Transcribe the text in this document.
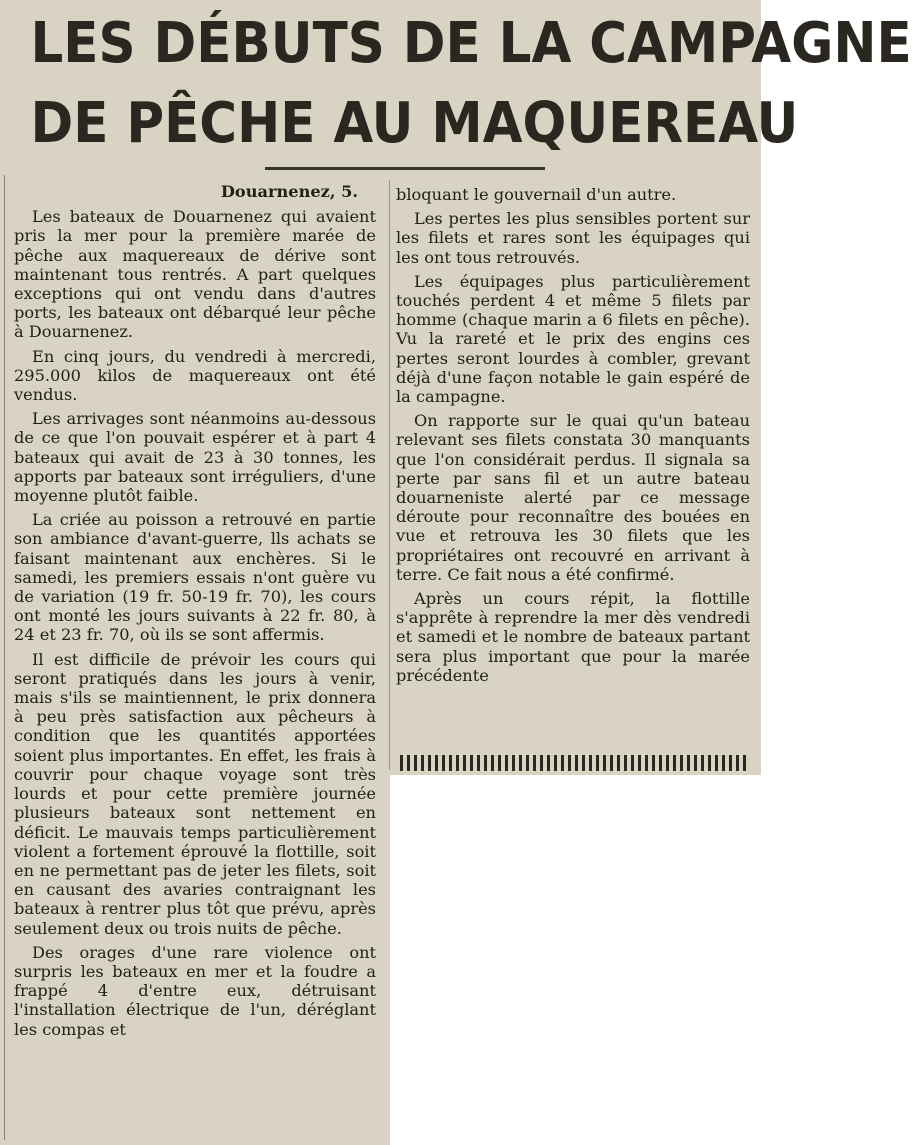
LES DÉBUTS DE LA CAMPAGNE
DE PÊCHE AU MAQUEREAU
Douarnenez, 5.

Les bateaux de Douarnenez qui avaient pris la mer pour la première marée de pêche aux maquereaux de dérive sont maintenant tous rentrés. A part quelques exceptions qui ont vendu dans d'autres ports, les bateaux ont débarqué leur pêche à Douarnenez.

En cinq jours, du vendredi à mercredi, 295.000 kilos de maquereaux ont été vendus.

Les arrivages sont néanmoins au-dessous de ce que l'on pouvait espérer et à part 4 bateaux qui avait de 23 à 30 tonnes, les apports par bateaux sont irréguliers, d'une moyenne plutôt faible.

La criée au poisson a retrouvé en partie son ambiance d'avant-guerre, lls achats se faisant maintenant aux enchères. Si le samedi, les premiers essais n'ont guère vu de variation (19 fr. 50-19 fr. 70), les cours ont monté les jours suivants à 22 fr. 80, à 24 et 23 fr. 70, où ils se sont affermis.

Il est difficile de prévoir les cours qui seront pratiqués dans les jours à venir, mais s'ils se maintiennent, le prix donnera à peu près satisfaction aux pêcheurs à condition que les quantités apportées soient plus importantes. En effet, les frais à couvrir pour chaque voyage sont très lourds et pour cette première journée plusieurs bateaux sont nettement en déficit. Le mauvais temps particulièrement violent a fortement éprouvé la flottille, soit en ne permettant pas de jeter les filets, soit en causant des avaries contraignant les bateaux à rentrer plus tôt que prévu, après seulement deux ou trois nuits de pêche.

Des orages d'une rare violence ont surpris les bateaux en mer et la foudre a frappé 4 d'entre eux, détruisant l'installation électrique de l'un, déréglant les compas et

bloquant le gouvernail d'un autre.

Les pertes les plus sensibles portent sur les filets et rares sont les équipages qui les ont tous retrouvés.

Les équipages plus particulièrement touchés perdent 4 et même 5 filets par homme (chaque marin a 6 filets en pêche). Vu la rareté et le prix des engins ces pertes seront lourdes à combler, grevant déjà d'une façon notable le gain espéré de la campagne.

On rapporte sur le quai qu'un bateau relevant ses filets constata 30 manquants que l'on considérait perdus. Il signala sa perte par sans fil et un autre bateau douarneniste alerté par ce message déroute pour reconnaître des bouées en vue et retrouva les 30 filets que les propriétaires ont recouvré en arrivant à terre. Ce fait nous a été confirmé.

Après un cours répit, la flottille s'apprête à reprendre la mer dès vendredi et samedi et le nombre de bateaux partant sera plus important que pour la marée précédente
